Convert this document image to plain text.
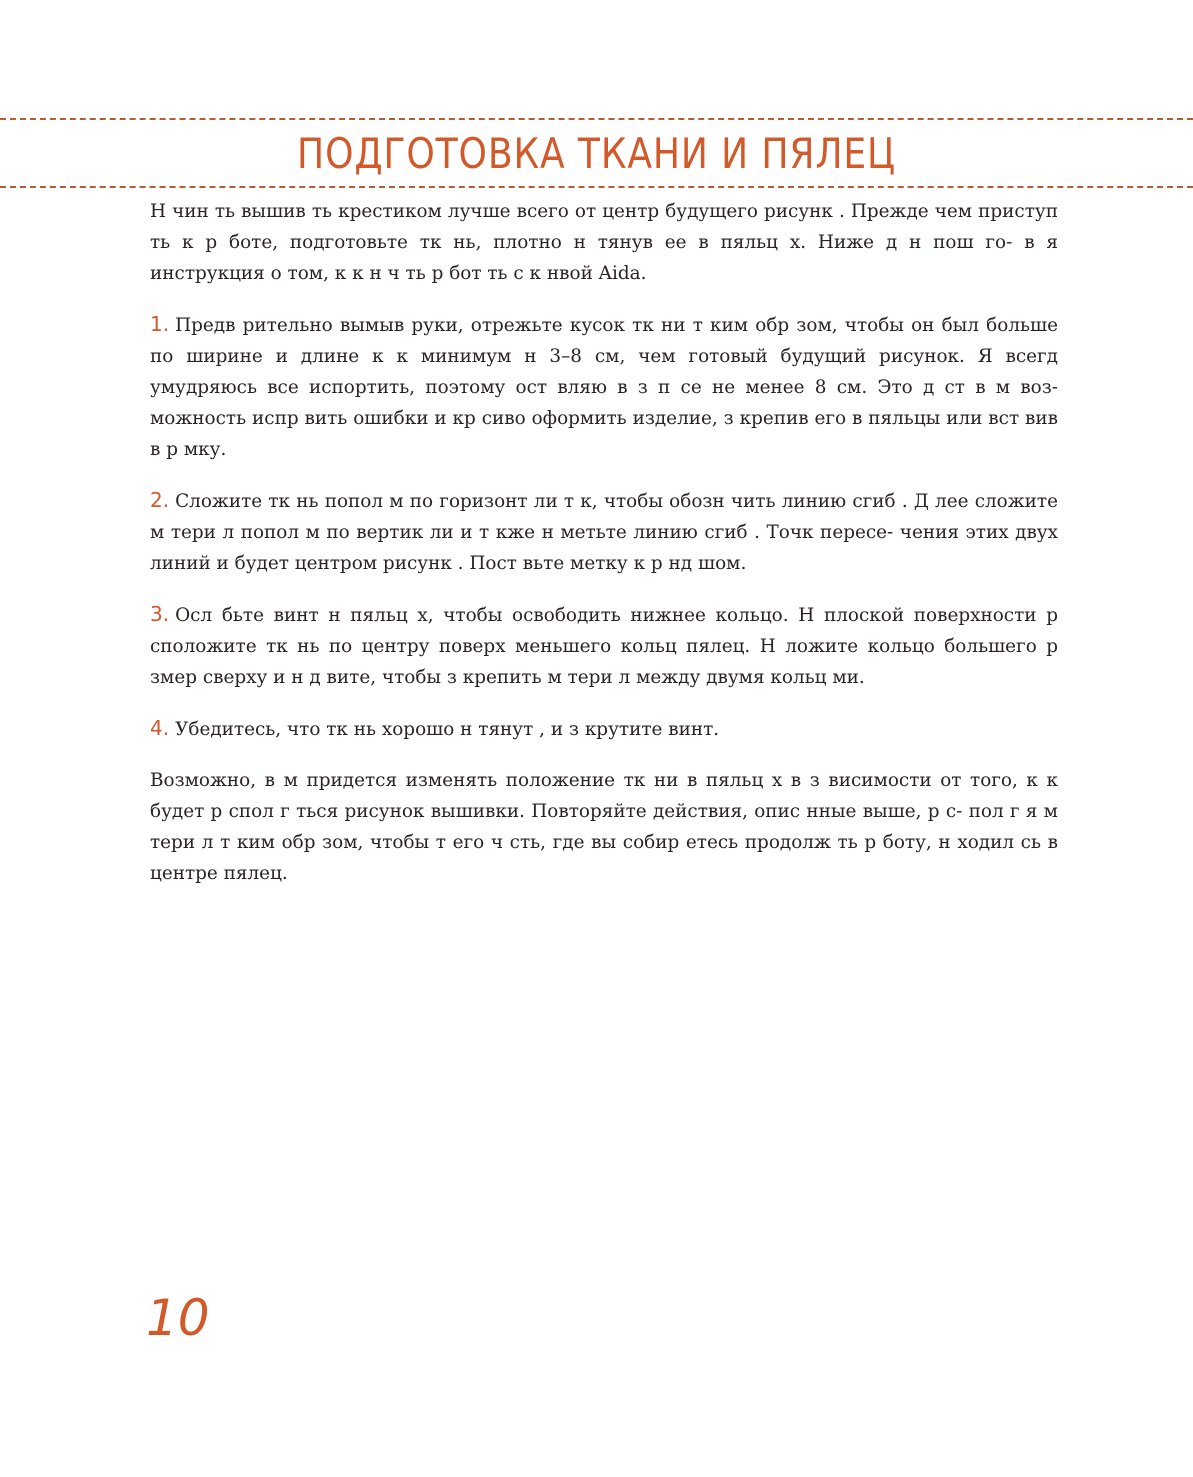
ПОДГОТОВКА ТКАНИ И ПЯЛЕЦ

Н чин ть вышив ть крестиком лучше всего от центр будущего рисунк . Прежде чем приступ ть к р боте, подготовьте тк нь, плотно н тянув ее в пяльц х. Ниже д н пош го- в я инструкция о том, к к н ч ть р бот ть с к нвой Aida.

1. Предв рительно вымыв руки, отрежьте кусок тк ни т ким обр зом, чтобы он был больше по ширине и длине к к минимум н 3–8 см, чем готовый будущий рисунок. Я всегд умудряюсь все испортить, поэтому ост вляю в з п се не менее 8 см. Это д ст в м воз- можность испр вить ошибки и кр сиво оформить изделие, з крепив его в пяльцы или вст вив в р мку.

2. Сложите тк нь попол м по горизонт ли т к, чтобы обозн чить линию сгиб . Д лее сложите м тери л попол м по вертик ли и т кже н метьте линию сгиб . Точк пересе- чения этих двух линий и будет центром рисунк . Пост вьте метку к р нд шом.

3. Осл бьте винт н пяльц х, чтобы освободить нижнее кольцо. Н плоской поверхности р сположите тк нь по центру поверх меньшего кольц пялец. Н ложите кольцо большего р змер сверху и н д вите, чтобы з крепить м тери л между двумя кольц ми.

4. Убедитесь, что тк нь хорошо н тянут , и з крутите винт.

Возможно, в м придется изменять положение тк ни в пяльц х в з висимости от того, к к будет р спол г ться рисунок вышивки. Повторяйте действия, опис нные выше, р с- пол г я м тери л т ким обр зом, чтобы т его ч сть, где вы собир етесь продолж ть р боту, н ходил сь в центре пялец.

10
